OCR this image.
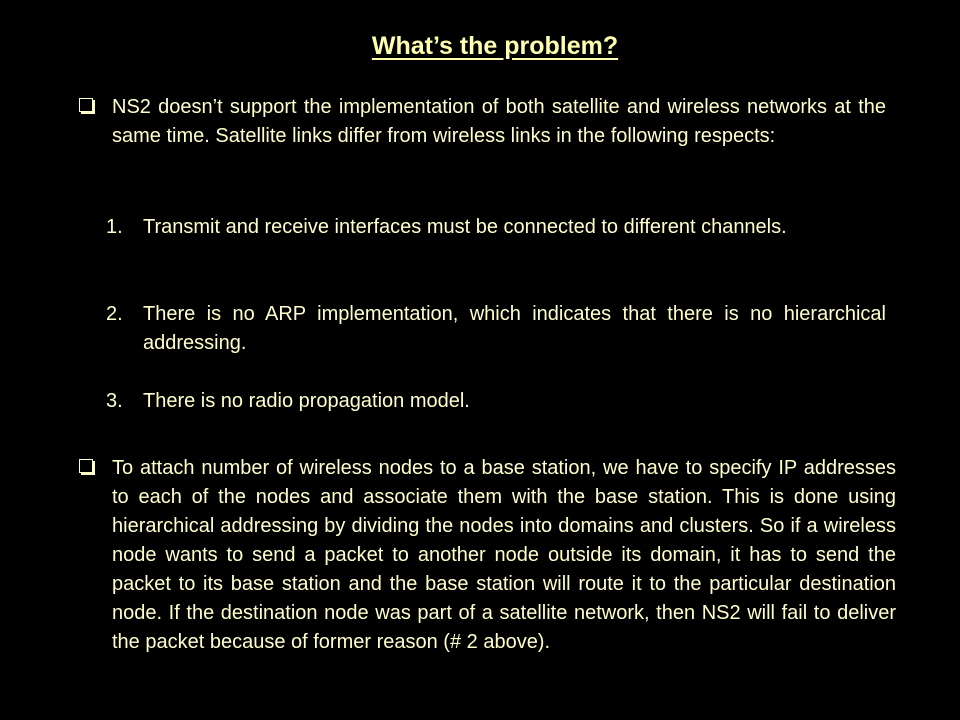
What’s the problem?
NS2 doesn’t support the implementation of both satellite and wireless networks at the same time. Satellite links differ from wireless links in the following respects:
1. Transmit and receive interfaces must be connected to different channels.
2. There is no ARP implementation, which indicates that there is no hierarchical addressing.
3. There is no radio propagation model.
To attach number of wireless nodes to a base station, we have to specify IP addresses to each of the nodes and associate them with the base station. This is done using hierarchical addressing by dividing the nodes into domains and clusters. So if a wireless node wants to send a packet to another node outside its domain, it has to send the packet to its base station and the base station will route it to the particular destination node. If the destination node was part of a satellite network, then NS2 will fail to deliver the packet because of former reason (# 2 above).
